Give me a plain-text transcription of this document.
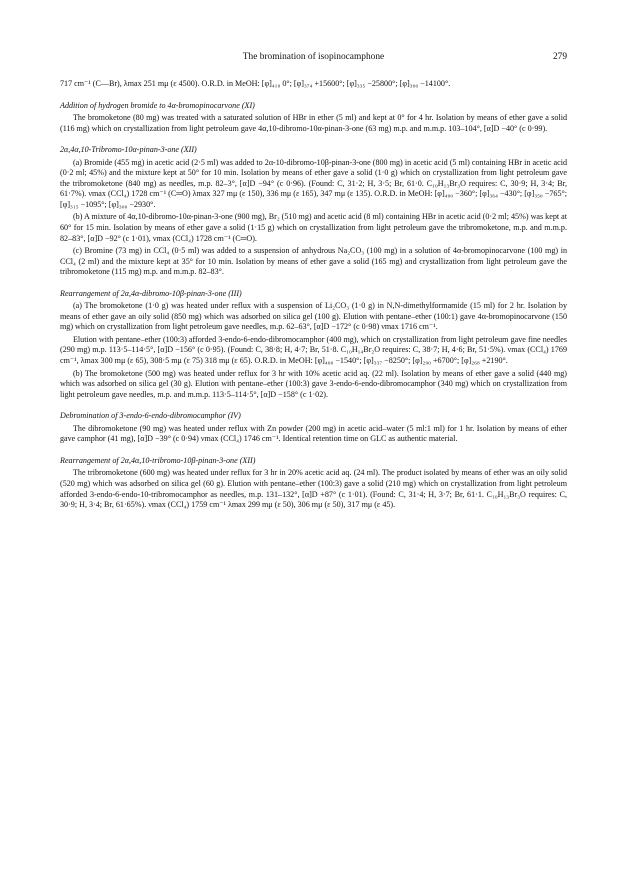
The bromination of isopinocamphone	279

717 cm⁻¹ (C—Br), λmax 251 mμ (ε 4500). O.R.D. in MeOH: [φ]₄₁₀ 0°; [φ]₃₇₄ +15600°; [φ]₃₃₅ −25800°; [φ]₃₀₀ −14100°.

Addition of hydrogen bromide to 4α-bromopinocarvone (XI)

The bromoketone (80 mg) was treated with a saturated solution of HBr in ether (5 ml) and kept at 0° for 4 hr. Isolation by means of ether gave a solid (116 mg) which on crystallization from light petroleum gave 4α,10-dibromo-10α-pinan-3-one (63 mg) m.p. and m.m.p. 103–104°, [α]D −40° (c 0·99).

2α,4α,10-Tribromo-10α-pinan-3-one (XII)

(a) Bromide (455 mg) in acetic acid (2·5 ml) was added to 2α-10-dibromo-10β-pinan-3-one (800 mg) in acetic acid (5 ml) containing HBr in acetic acid (0·2 ml; 45%) and the mixture kept at 50° for 10 min. Isolation by means of ether gave a solid (1·0 g) which on crystallization from light petroleum gave the tribromoketone (840 mg) as needles, m.p. 82–3°, [α]D −94° (c 0·96). (Found: C, 31·2; H, 3·5; Br, 61·0. C₁₀H₁₃Br₃O requires: C, 30·9; H, 3·4; Br, 61·7%). νmax (CCl₄) 1728 cm⁻¹ (C═O) λmax 327 mμ (ε 150), 336 mμ (ε 165), 347 mμ (ε 135). O.R.D. in MeOH: [φ]₄₀₀ −360°; [φ]₃₆₄ −430°; [φ]₃₅₀ −765°; [φ]₃₁₅ −1095°; [φ]₃₀₀ −2930°.

(b) A mixture of 4α,10-dibromo-10α-pinan-3-one (900 mg), Br₂ (510 mg) and acetic acid (8 ml) containing HBr in acetic acid (0·2 ml; 45%) was kept at 60° for 15 min. Isolation by means of ether gave a solid (1·15 g) which on crystallization from light petroleum gave the tribromoketone, m.p. and m.m.p. 82–83°, [α]D −92° (c 1·01), νmax (CCl₄) 1728 cm⁻¹ (C═O).

(c) Bromine (73 mg) in CCl₄ (0·5 ml) was added to a suspension of anhydrous Na₂CO₃ (100 mg) in a solution of 4α-bromopinocarvone (100 mg) in CCl₄ (2 ml) and the mixture kept at 35° for 10 min. Isolation by means of ether gave a solid (165 mg) and crystallization from light petroleum gave the tribromoketone (115 mg) m.p. and m.m.p. 82–83°.

Rearrangement of 2α,4α-dibromo-10β-pinan-3-one (III)

(a) The bromoketone (1·0 g) was heated under reflux with a suspension of Li₂CO₃ (1·0 g) in N,N-dimethylformamide (15 ml) for 2 hr. Isolation by means of ether gave an oily solid (850 mg) which was adsorbed on silica gel (100 g). Elution with pentane–ether (100:1) gave 4α-bromopinocarvone (150 mg) which on crystallization from light petroleum gave needles, m.p. 62–63°, [α]D −172° (c 0·98) νmax 1716 cm⁻¹.

Elution with pentane–ether (100:3) afforded 3-endo-6-endo-dibromocamphor (400 mg), which on crystallization from light petroleum gave fine needles (290 mg) m.p. 113·5–114·5°, [α]D −156° (c 0·95). (Found: C, 38·8; H, 4·7; Br, 51·8. C₁₀H₁₄Br₂O requires: C, 38·7; H, 4·6; Br, 51·5%). νmax (CCl₄) 1769 cm⁻¹, λmax 300 mμ (ε 65), 308·5 mμ (ε 75) 318 mμ (ε 65). O.R.D. in MeOH: [φ]₄₀₀ −1540°; [φ]₃₃₇ −8250°; [φ]₂₉₀ +6700°; [φ]₂₆₈ +2190°.

(b) The bromoketone (500 mg) was heated under reflux for 3 hr with 10% acetic acid aq. (22 ml). Isolation by means of ether gave a solid (440 mg) which was adsorbed on silica gel (30 g). Elution with pentane–ether (100:3) gave 3-endo-6-endo-dibromocamphor (340 mg) which on crystallization from light petroleum gave needles, m.p. and m.m.p. 113·5–114·5°, [α]D −158° (c 1·02).

Debromination of 3-endo-6-endo-dibromocamphor (IV)

The dibromoketone (90 mg) was heated under reflux with Zn powder (200 mg) in acetic acid–water (5 ml:1 ml) for 1 hr. Isolation by means of ether gave camphor (41 mg), [α]D −39° (c 0·94) νmax (CCl₄) 1746 cm⁻¹. Identical retention time on GLC as authentic material.

Rearrangement of 2α,4α,10-tribromo-10β-pinan-3-one (XII)

The tribromoketone (600 mg) was heated under reflux for 3 hr in 20% acetic acid aq. (24 ml). The product isolated by means of ether was an oily solid (520 mg) which was adsorbed on silica gel (60 g). Elution with pentane–ether (100:3) gave a solid (210 mg) which on crystallization from light petroleum afforded 3-endo-6-endo-10-tribromocamphor as needles, m.p. 131–132°, [α]D +87° (c 1·01). (Found: C, 31·4; H, 3·7; Br, 61·1. C₁₀H₁₃Br₃O requires: C, 30·9; H, 3·4; Br, 61·65%). νmax (CCl₄) 1759 cm⁻¹ λmax 299 mμ (ε 50), 306 mμ (ε 50), 317 mμ (ε 45).
